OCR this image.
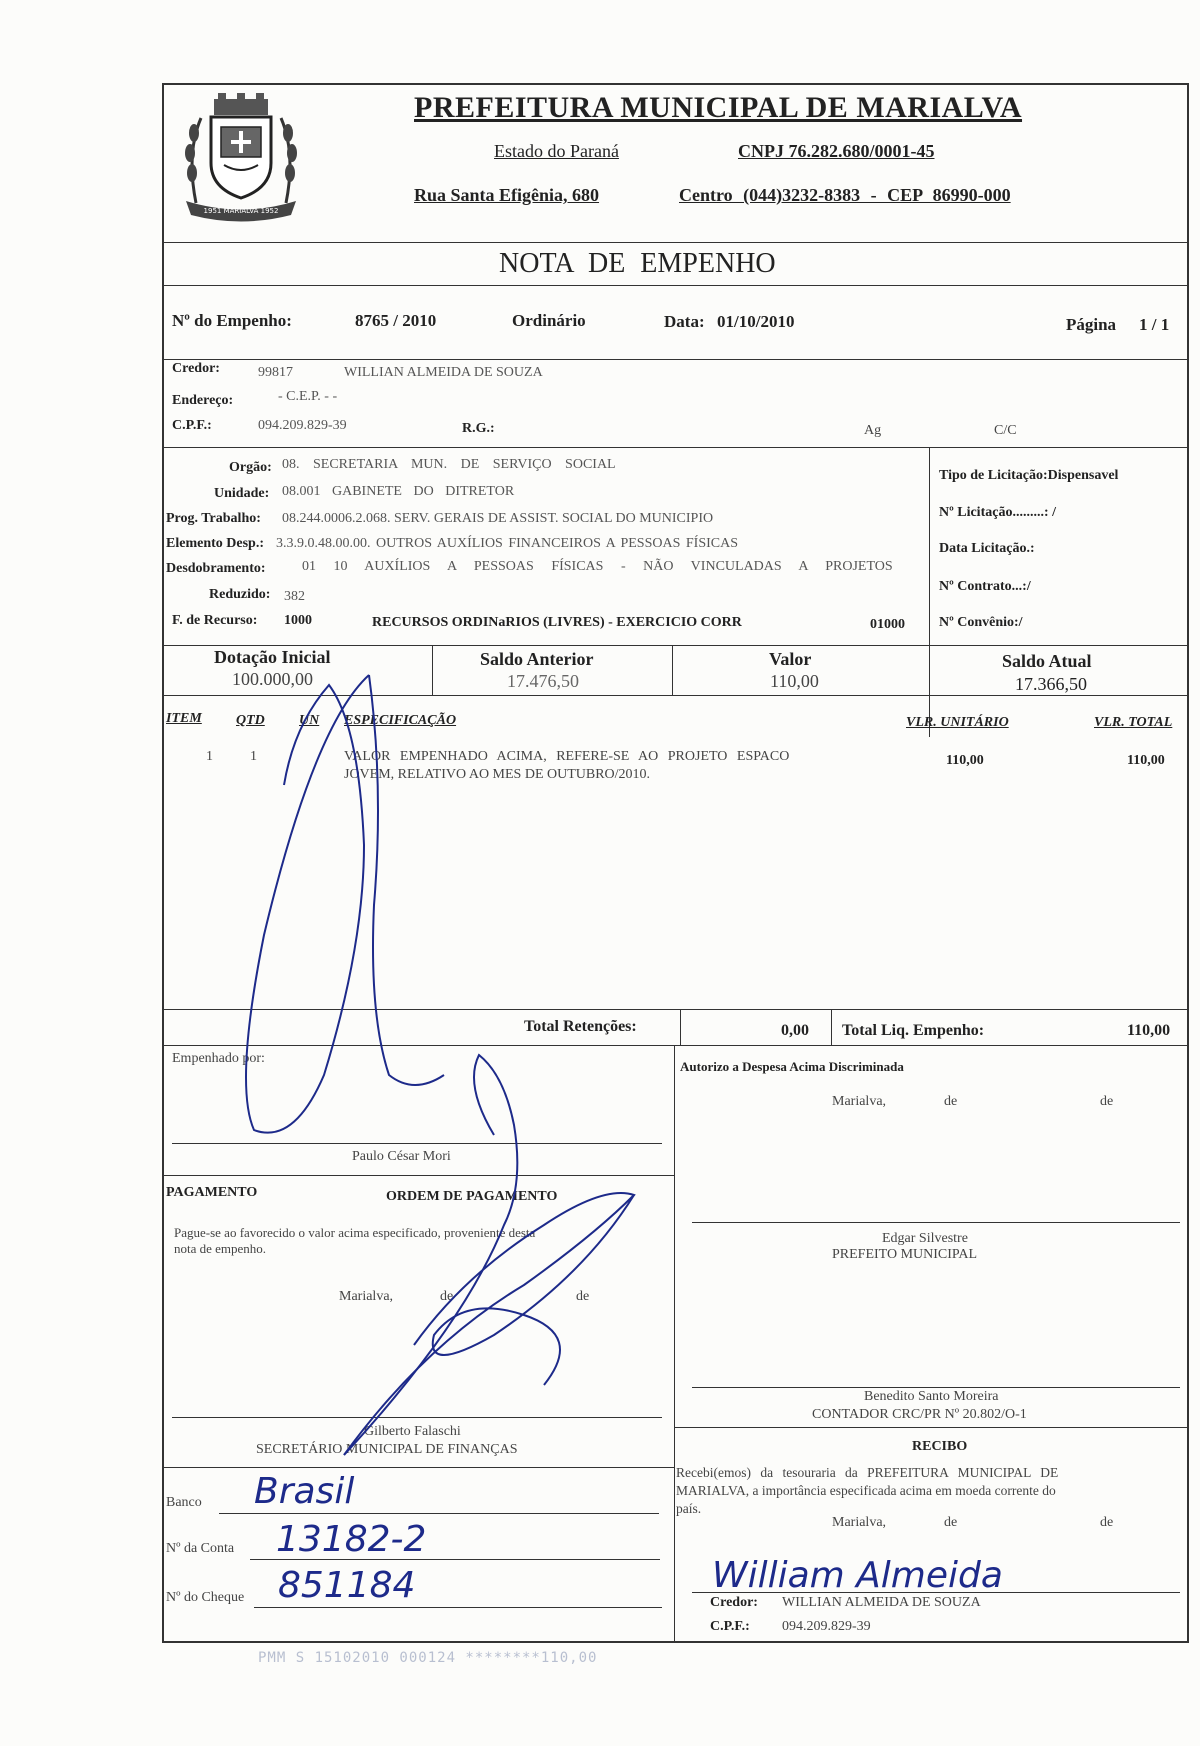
1951 MARIALVA 1952
PREFEITURA MUNICIPAL DE MARIALVA
Estado do Paraná	CNPJ 76.282.680/0001-45
Rua Santa Efigênia, 680	Centro (044)3232-8383 - CEP 86990-000
NOTA DE EMPENHO
Nº do Empenho:	8765 / 2010	Ordinário	Data: 01/10/2010	Página 1 / 1
Credor:	99817	WILLIAN ALMEIDA DE SOUZA
Endereço:	- C.E.P. - -
C.P.F.:	094.209.829-39	R.G.:	Ag	C/C
Orgão: 08. SECRETARIA MUN. DE SERVIÇO SOCIAL
Unidade: 08.001 GABINETE DO DITRETOR
Prog. Trabalho: 08.244.0006.2.068. SERV. GERAIS DE ASSIST. SOCIAL DO MUNICIPIO
Elemento Desp.: 3.3.9.0.48.00.00. OUTROS AUXÍLIOS FINANCEIROS A PESSOAS FÍSICAS
Desdobramento:	01 10 AUXÍLIOS A PESSOAS FÍSICAS - NÃO VINCULADAS A PROJETOS
Reduzido: 382
F. de Recurso: 1000	RECURSOS ORDINaRIOS (LIVRES) - EXERCICIO CORR	01000
Tipo de Licitação:Dispensavel
Nº Licitação.........: /
Data Licitação.:
Nº Contrato...:/
Nº Convênio:/
Dotação Inicial
100.000,00
Saldo Anterior
17.476,50
Valor
110,00
Saldo Atual
17.366,50
ITEM QTD UN ESPECIFICAÇÃO	VLR. UNITÁRIO	VLR. TOTAL
1	1	VALOR EMPENHADO ACIMA, REFERE-SE AO PROJETO ESPACO
JOVEM, RELATIVO AO MES DE OUTUBRO/2010.
110,00	110,00
Total Retenções:	0,00 Total Liq. Empenho:	110,00
Empenhado por:
Paulo César Mori
Autorizo a Despesa Acima Discriminada
Marialva,	de	de
Edgar Silvestre
PREFEITO MUNICIPAL
PAGAMENTO	ORDEM DE PAGAMENTO
Pague-se ao favorecido o valor acima especificado, proveniente desta
nota de empenho.
Marialva,	de	de
Gilberto Falaschi
SECRETÁRIO MUNICIPAL DE FINANÇAS
Benedito Santo Moreira
CONTADOR CRC/PR Nº 20.802/O-1
Banco Brasil
Nº da Conta 13182-2
Nº do Cheque 851184
RECIBO
Recebi(emos) da tesouraria da PREFEITURA MUNICIPAL DE
MARIALVA, a importância especificada acima em moeda corrente do
país.
Marialva,	de	de
William Almeida
Credor: WILLIAN ALMEIDA DE SOUZA
C.P.F.: 094.209.829-39
PMM S 15102010 000124 ********110,00
